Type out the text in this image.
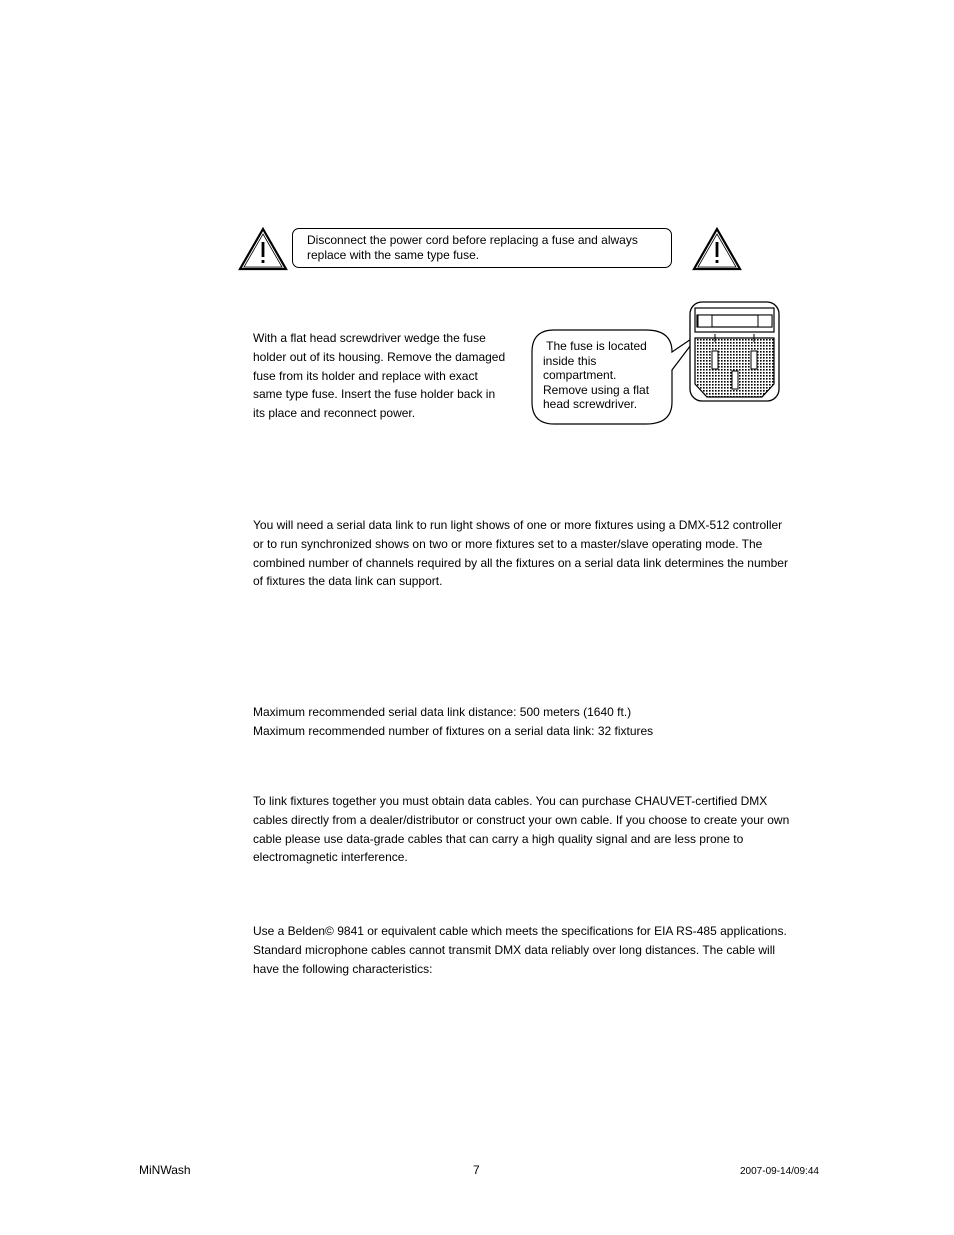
Disconnect the power cord before replacing a fuse and always
replace with the same type fuse.
With a flat head screwdriver wedge the fuse
holder out of its housing. Remove the damaged
fuse from its holder and replace with exact
same type fuse. Insert the fuse holder back in
its place and reconnect power.
The fuse is located
inside this
compartment.
Remove using a flat
head screwdriver.
You will need a serial data link to run light shows of one or more fixtures using a DMX-512 controller
or to run synchronized shows on two or more fixtures set to a master/slave operating mode. The
combined number of channels required by all the fixtures on a serial data link determines the number
of fixtures the data link can support.
Maximum recommended serial data link distance: 500 meters (1640 ft.)
Maximum recommended number of fixtures on a serial data link: 32 fixtures
To link fixtures together you must obtain data cables. You can purchase CHAUVET-certified DMX
cables directly from a dealer/distributor or construct your own cable. If you choose to create your own
cable please use data-grade cables that can carry a high quality signal and are less prone to
electromagnetic interference.
Use a Belden© 9841 or equivalent cable which meets the specifications for EIA RS-485 applications.
Standard microphone cables cannot transmit DMX data reliably over long distances. The cable will
have the following characteristics:
MiNWash	7	2007-09-14/09:44
